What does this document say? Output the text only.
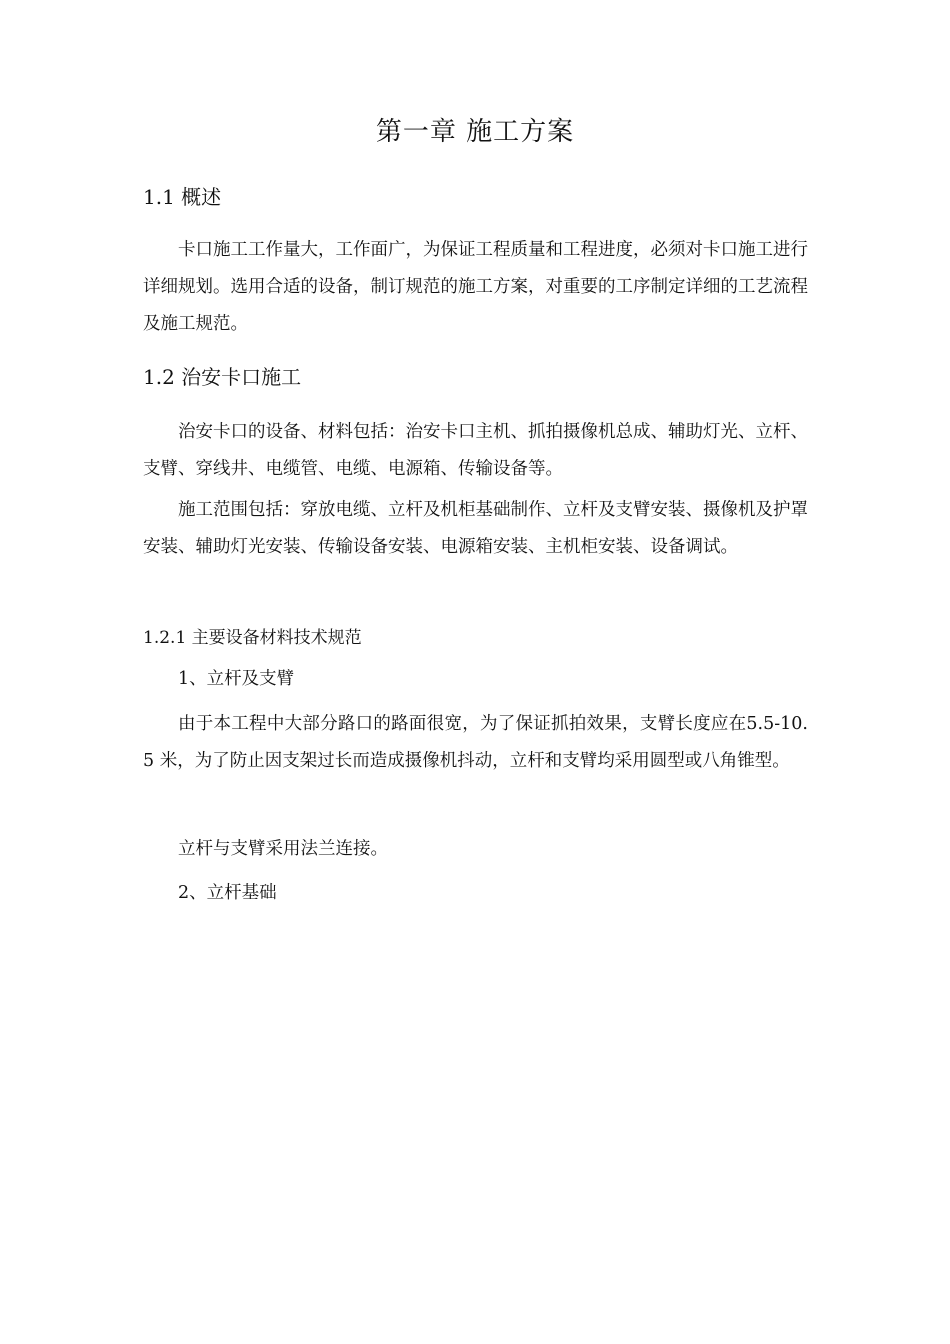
第一章 施工方案
1.1 概述
卡口施工工作量大，工作面广，为保证工程质量和工程进度，必须对卡口施工进行详细规划。选用合适的设备，制订规范的施工方案，对重要的工序制定详细的工艺流程及施工规范。
1.2 治安卡口施工
治安卡口的设备、材料包括：治安卡口主机、抓拍摄像机总成、辅助灯光、立杆、支臂、穿线井、电缆管、电缆、电源箱、传输设备等。
施工范围包括：穿放电缆、立杆及机柜基础制作、立杆及支臂安装、摄像机及护罩安装、辅助灯光安装、传输设备安装、电源箱安装、主机柜安装、设备调试。
1.2.1 主要设备材料技术规范
1、立杆及支臂
由于本工程中大部分路口的路面很宽，为了保证抓拍效果，支臂长度应在5.5-10.5 米，为了防止因支架过长而造成摄像机抖动，立杆和支臂均采用圆型或八角锥型。
立杆与支臂采用法兰连接。
2、立杆基础
